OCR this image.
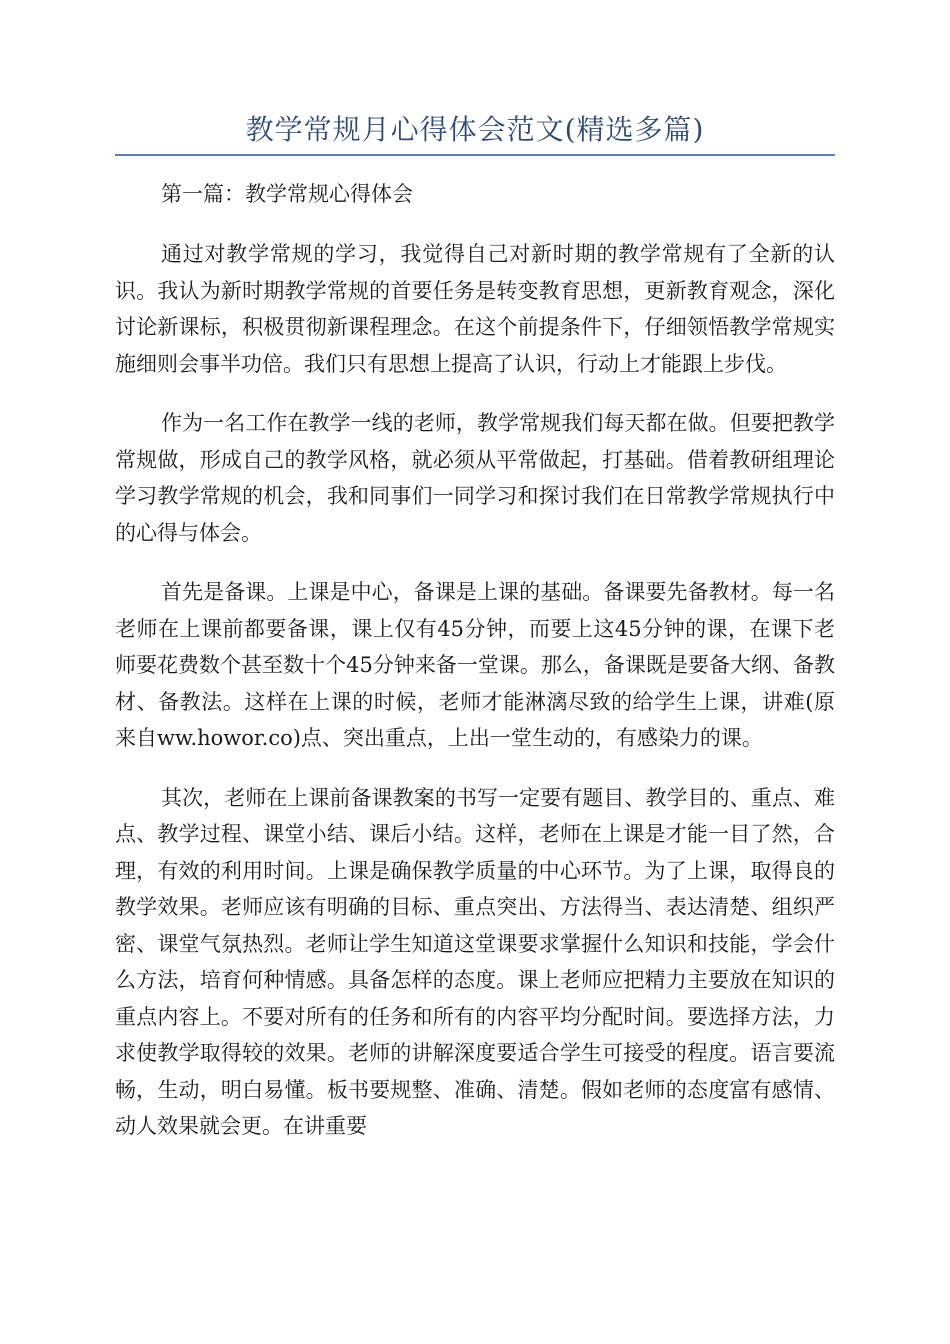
教学常规月心得体会范文(精选多篇)

第一篇：教学常规心得体会

通过对教学常规的学习，我觉得自己对新时期的教学常规有了全新的认识。我认为新时期教学常规的首要任务是转变教育思想，更新教育观念，深化讨论新课标，积极贯彻新课程理念。在这个前提条件下，仔细领悟教学常规实施细则会事半功倍。我们只有思想上提高了认识，行动上才能跟上步伐。

作为一名工作在教学一线的老师，教学常规我们每天都在做。但要把教学常规做，形成自己的教学风格，就必须从平常做起，打基础。借着教研组理论学习教学常规的机会，我和同事们一同学习和探讨我们在日常教学常规执行中的心得与体会。

首先是备课。上课是中心，备课是上课的基础。备课要先备教材。每一名老师在上课前都要备课，课上仅有45分钟，而要上这45分钟的课，在课下老师要花费数个甚至数十个45分钟来备一堂课。那么，备课既是要备大纲、备教材、备教法。这样在上课的时候，老师才能淋漓尽致的给学生上课，讲难(原来自ww.howor.co)点、突出重点，上出一堂生动的，有感染力的课。

其次，老师在上课前备课教案的书写一定要有题目、教学目的、重点、难点、教学过程、课堂小结、课后小结。这样，老师在上课是才能一目了然，合理，有效的利用时间。上课是确保教学质量的中心环节。为了上课，取得良的教学效果。老师应该有明确的目标、重点突出、方法得当、表达清楚、组织严密、课堂气氛热烈。老师让学生知道这堂课要求掌握什么知识和技能，学会什么方法，培育何种情感。具备怎样的态度。课上老师应把精力主要放在知识的重点内容上。不要对所有的任务和所有的内容平均分配时间。要选择方法，力求使教学取得较的效果。老师的讲解深度要适合学生可接受的程度。语言要流畅，生动，明白易懂。板书要规整、准确、清楚。假如老师的态度富有感情、动人效果就会更。在讲重要
